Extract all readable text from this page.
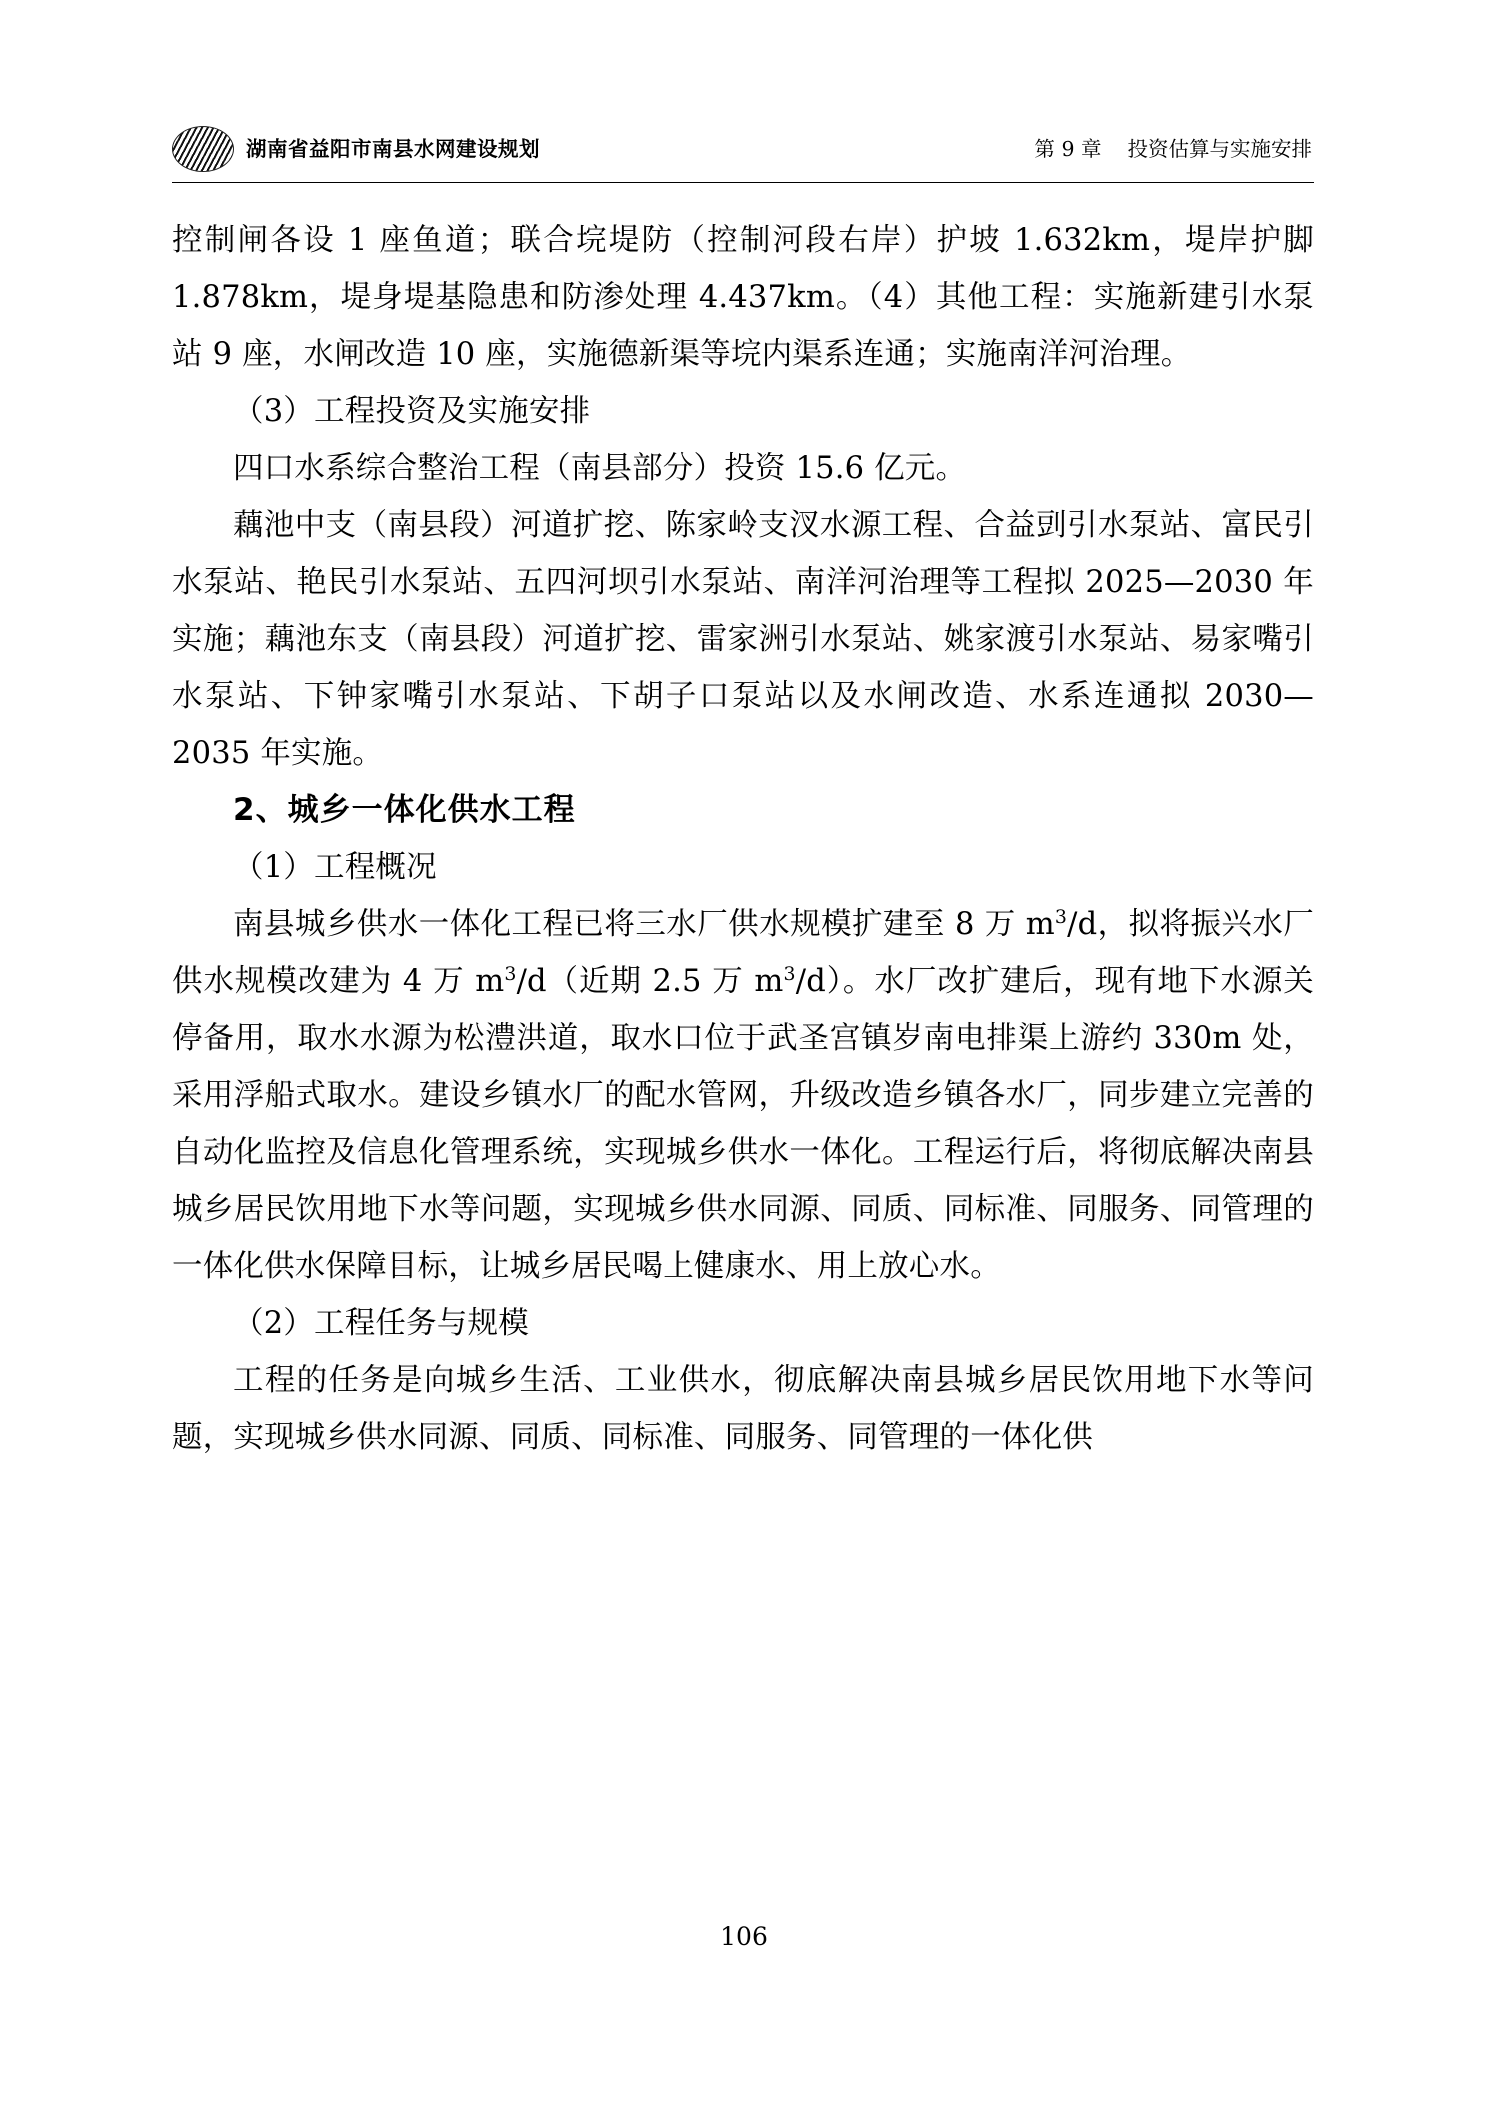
湖南省益阳市南县水网建设规划	第 9 章 投资估算与实施安排

控制闸各设 1 座鱼道；联合垸堤防（控制河段右岸）护坡 1.632km，堤岸护脚 1.878km，堤身堤基隐患和防渗处理 4.437km。（4）其他工程：实施新建引水泵站 9 座，水闸改造 10 座，实施德新渠等垸内渠系连通；实施南洋河治理。

（3）工程投资及实施安排

四口水系综合整治工程（南县部分）投资 15.6 亿元。

藕池中支（南县段）河道扩挖、陈家岭支汊水源工程、合益剅引水泵站、富民引水泵站、艳民引水泵站、五四河坝引水泵站、南洋河治理等工程拟 2025—2030 年实施；藕池东支（南县段）河道扩挖、雷家洲引水泵站、姚家渡引水泵站、易家嘴引水泵站、下钟家嘴引水泵站、下胡子口泵站以及水闸改造、水系连通拟 2030—2035 年实施。

2、城乡一体化供水工程

（1）工程概况

南县城乡供水一体化工程已将三水厂供水规模扩建至 8 万 $m^3/d$，拟将振兴水厂供水规模改建为 4 万 $m^3/d$（近期 2.5 万 $m^3/d$）。水厂改扩建后，现有地下水源关停备用，取水水源为松澧洪道，取水口位于武圣宫镇岁南电排渠上游约 330m 处，采用浮船式取水。建设乡镇水厂的配水管网，升级改造乡镇各水厂，同步建立完善的自动化监控及信息化管理系统，实现城乡供水一体化。工程运行后，将彻底解决南县城乡居民饮用地下水等问题，实现城乡供水同源、同质、同标准、同服务、同管理的一体化供水保障目标，让城乡居民喝上健康水、用上放心水。

（2）工程任务与规模

工程的任务是向城乡生活、工业供水，彻底解决南县城乡居民饮用地下水等问题，实现城乡供水同源、同质、同标准、同服务、同管理的一体化供

106
